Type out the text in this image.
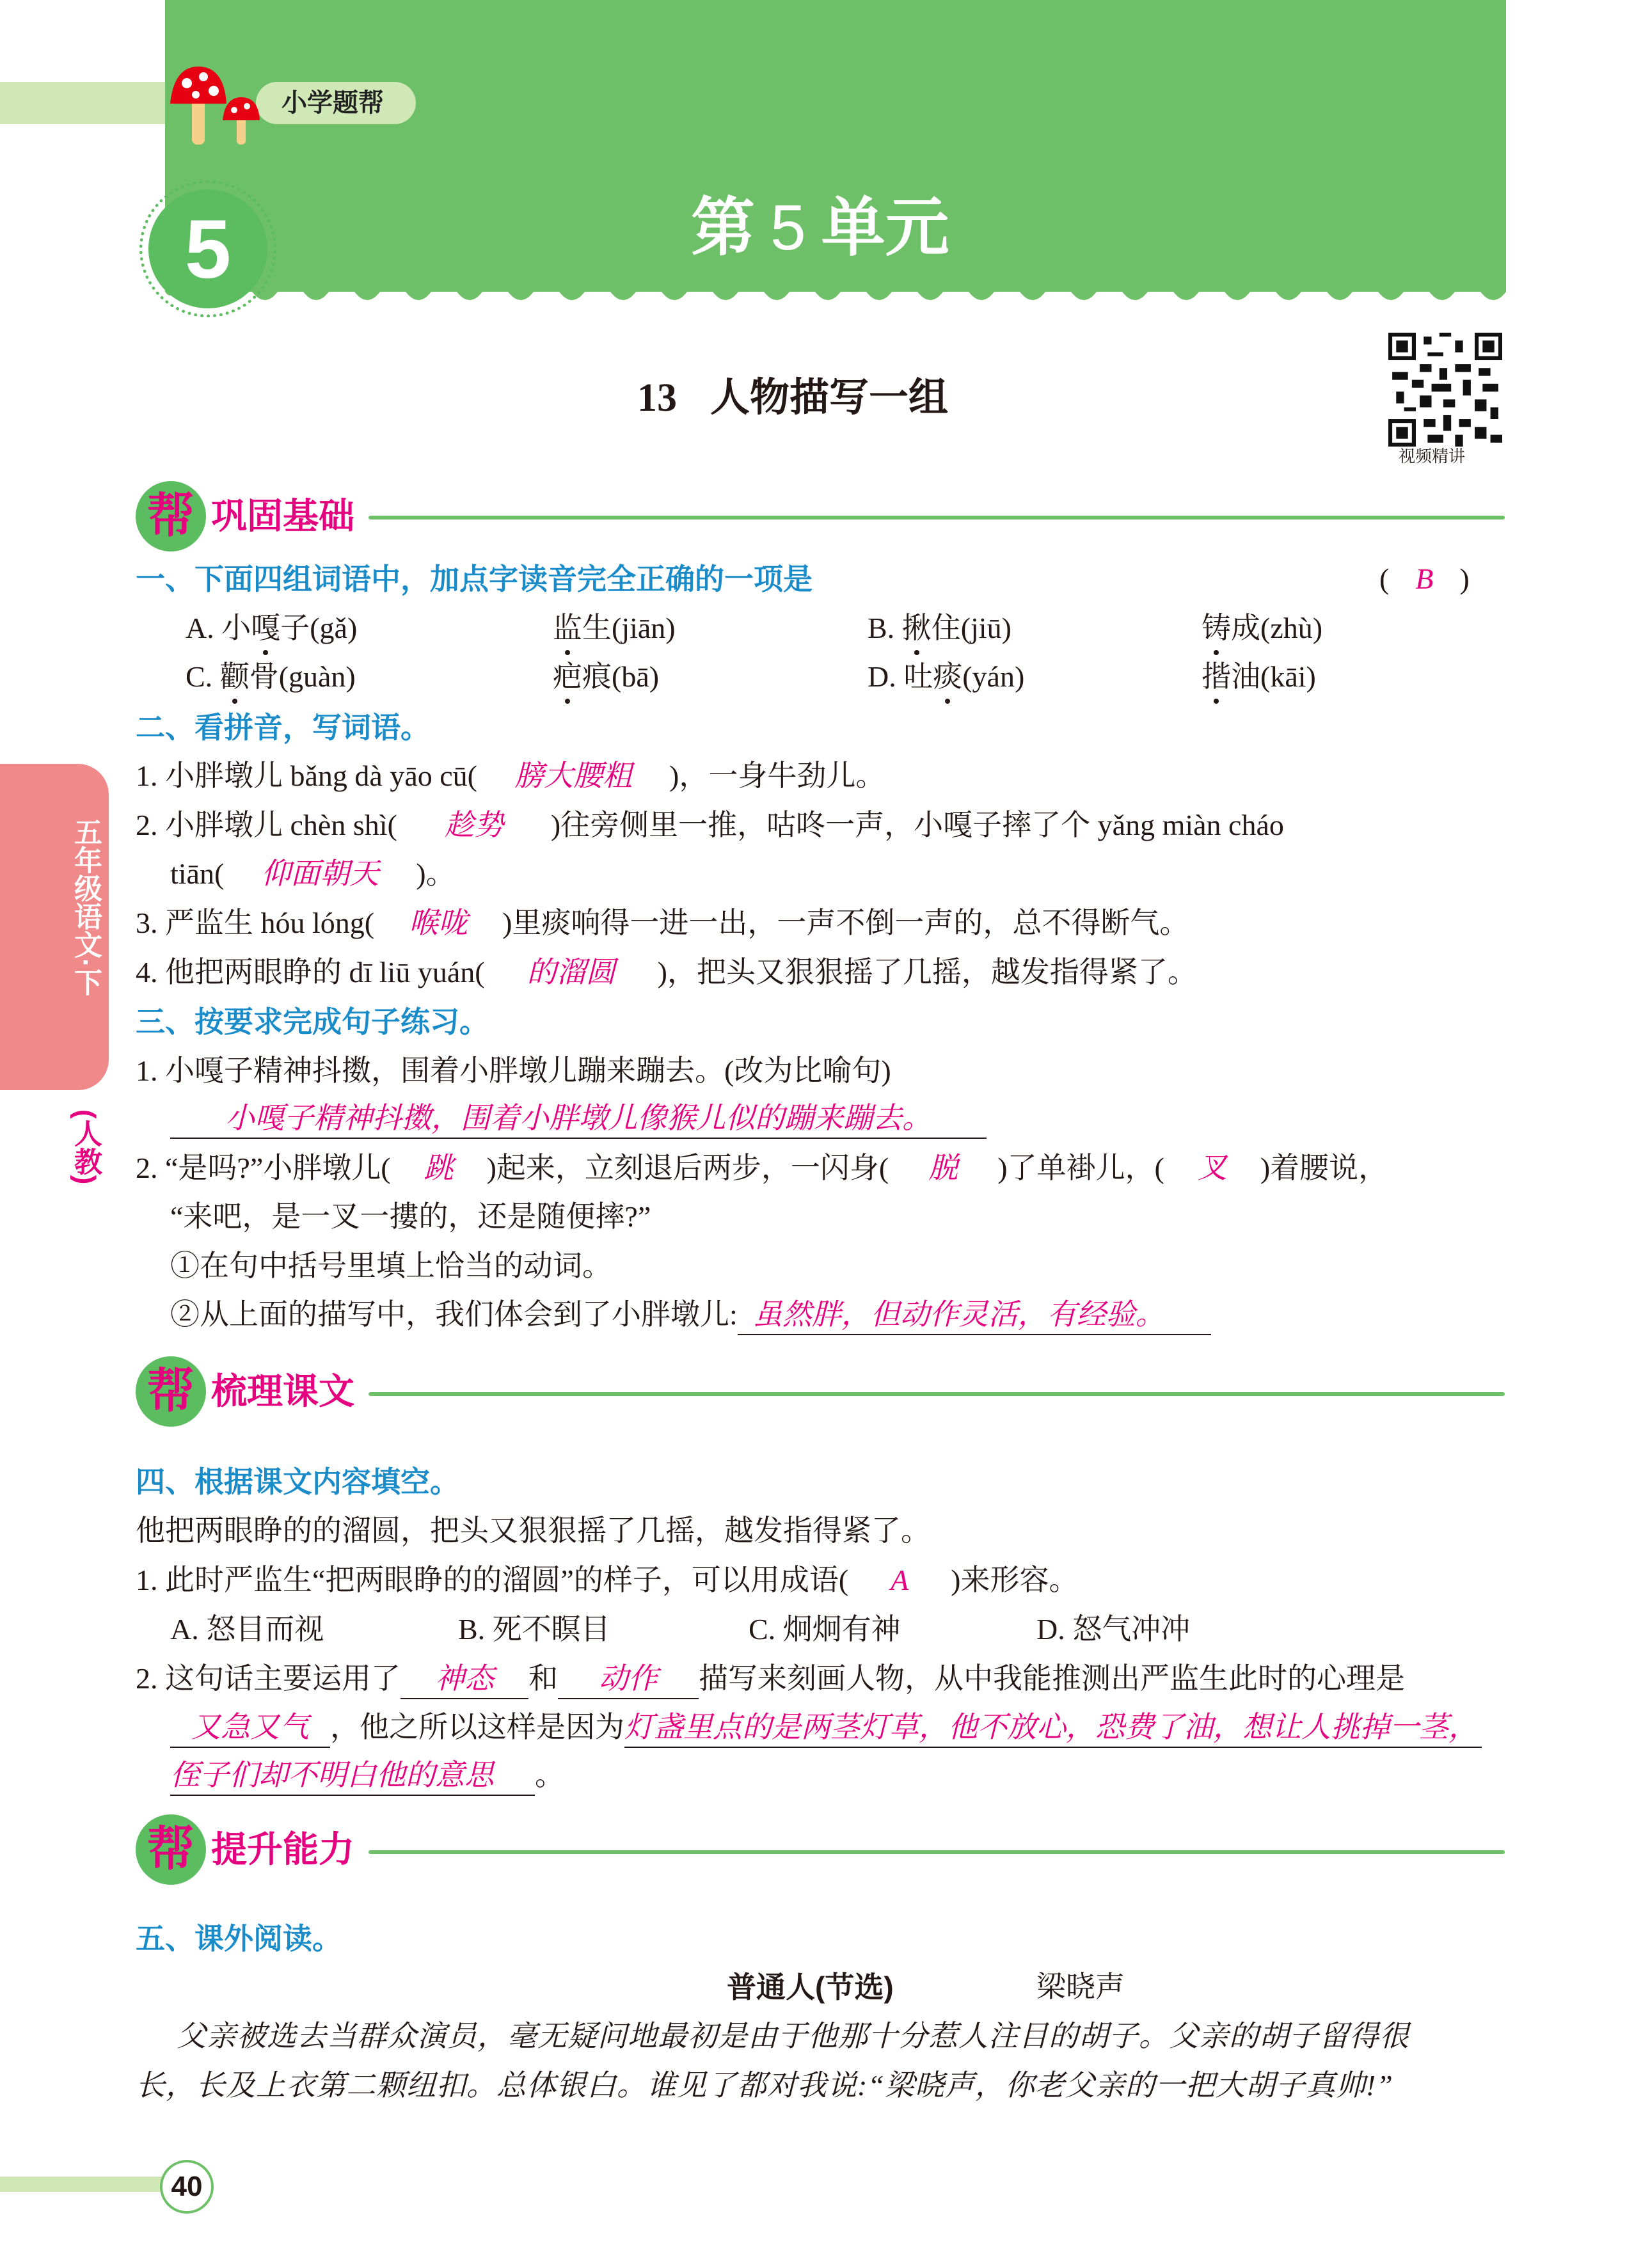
小学题帮
5	第 5 单元
13 人物描写一组
视频精讲
五年级语文·下
(人教)
帮 巩固基础
一、下面四组词语中，加点字读音完全正确的一项是	( B )
A. 小嘎子(gǎ)	监生(jiān)	B. 揪住(jiū)	铸成(zhù)
C. 颧骨(guàn)	疤痕(bā)	D. 吐痰(yán)	揩油(kāi)
二、看拼音，写词语。
1. 小胖墩儿 bǎng dà yāo cū( 膀大腰粗 )，一身牛劲儿。
2. 小胖墩儿 chèn shì( 趁势 )往旁侧里一推，咕咚一声，小嘎子摔了个 yǎng miàn cháo
tiān( 仰面朝天 )。
3. 严监生 hóu lóng( 喉咙 )里痰响得一进一出，一声不倒一声的，总不得断气。
4. 他把两眼睁的 dī liū yuán( 的溜圆 )，把头又狠狠摇了几摇，越发指得紧了。
三、按要求完成句子练习。
1. 小嘎子精神抖擞，围着小胖墩儿蹦来蹦去。(改为比喻句)
小嘎子精神抖擞，围着小胖墩儿像猴儿似的蹦来蹦去。
2. “是吗?”小胖墩儿( 跳 )起来，立刻退后两步，一闪身( 脱 )了单褂儿，( 叉 )着腰说，
“来吧，是一叉一摟的，还是随便摔?”
①在句中括号里填上恰当的动词。
②从上面的描写中，我们体会到了小胖墩儿: 虽然胖，但动作灵活，有经验。
帮 梳理课文
四、根据课文内容填空。
他把两眼睁的的溜圆，把头又狠狠摇了几摇，越发指得紧了。
1. 此时严监生“把两眼睁的的溜圆”的样子，可以用成语( A )来形容。
A. 怒目而视	B. 死不瞑目	C. 炯炯有神	D. 怒气冲冲
2. 这句话主要运用了 神态 和 动作 描写来刻画人物，从中我能推测出严监生此时的心理是
又急又气 ，他之所以这样是因为灯盏里点的是两茎灯草，他不放心，恐费了油，想让人挑掉一茎，
侄子们却不明白他的意思 。
帮 提升能力
五、课外阅读。
普通人(节选)	梁晓声
父亲被选去当群众演员，毫无疑问地最初是由于他那十分惹人注目的胡子。父亲的胡子留得很
长，长及上衣第二颗纽扣。总体银白。谁见了都对我说:“梁晓声，你老父亲的一把大胡子真帅!”
40
